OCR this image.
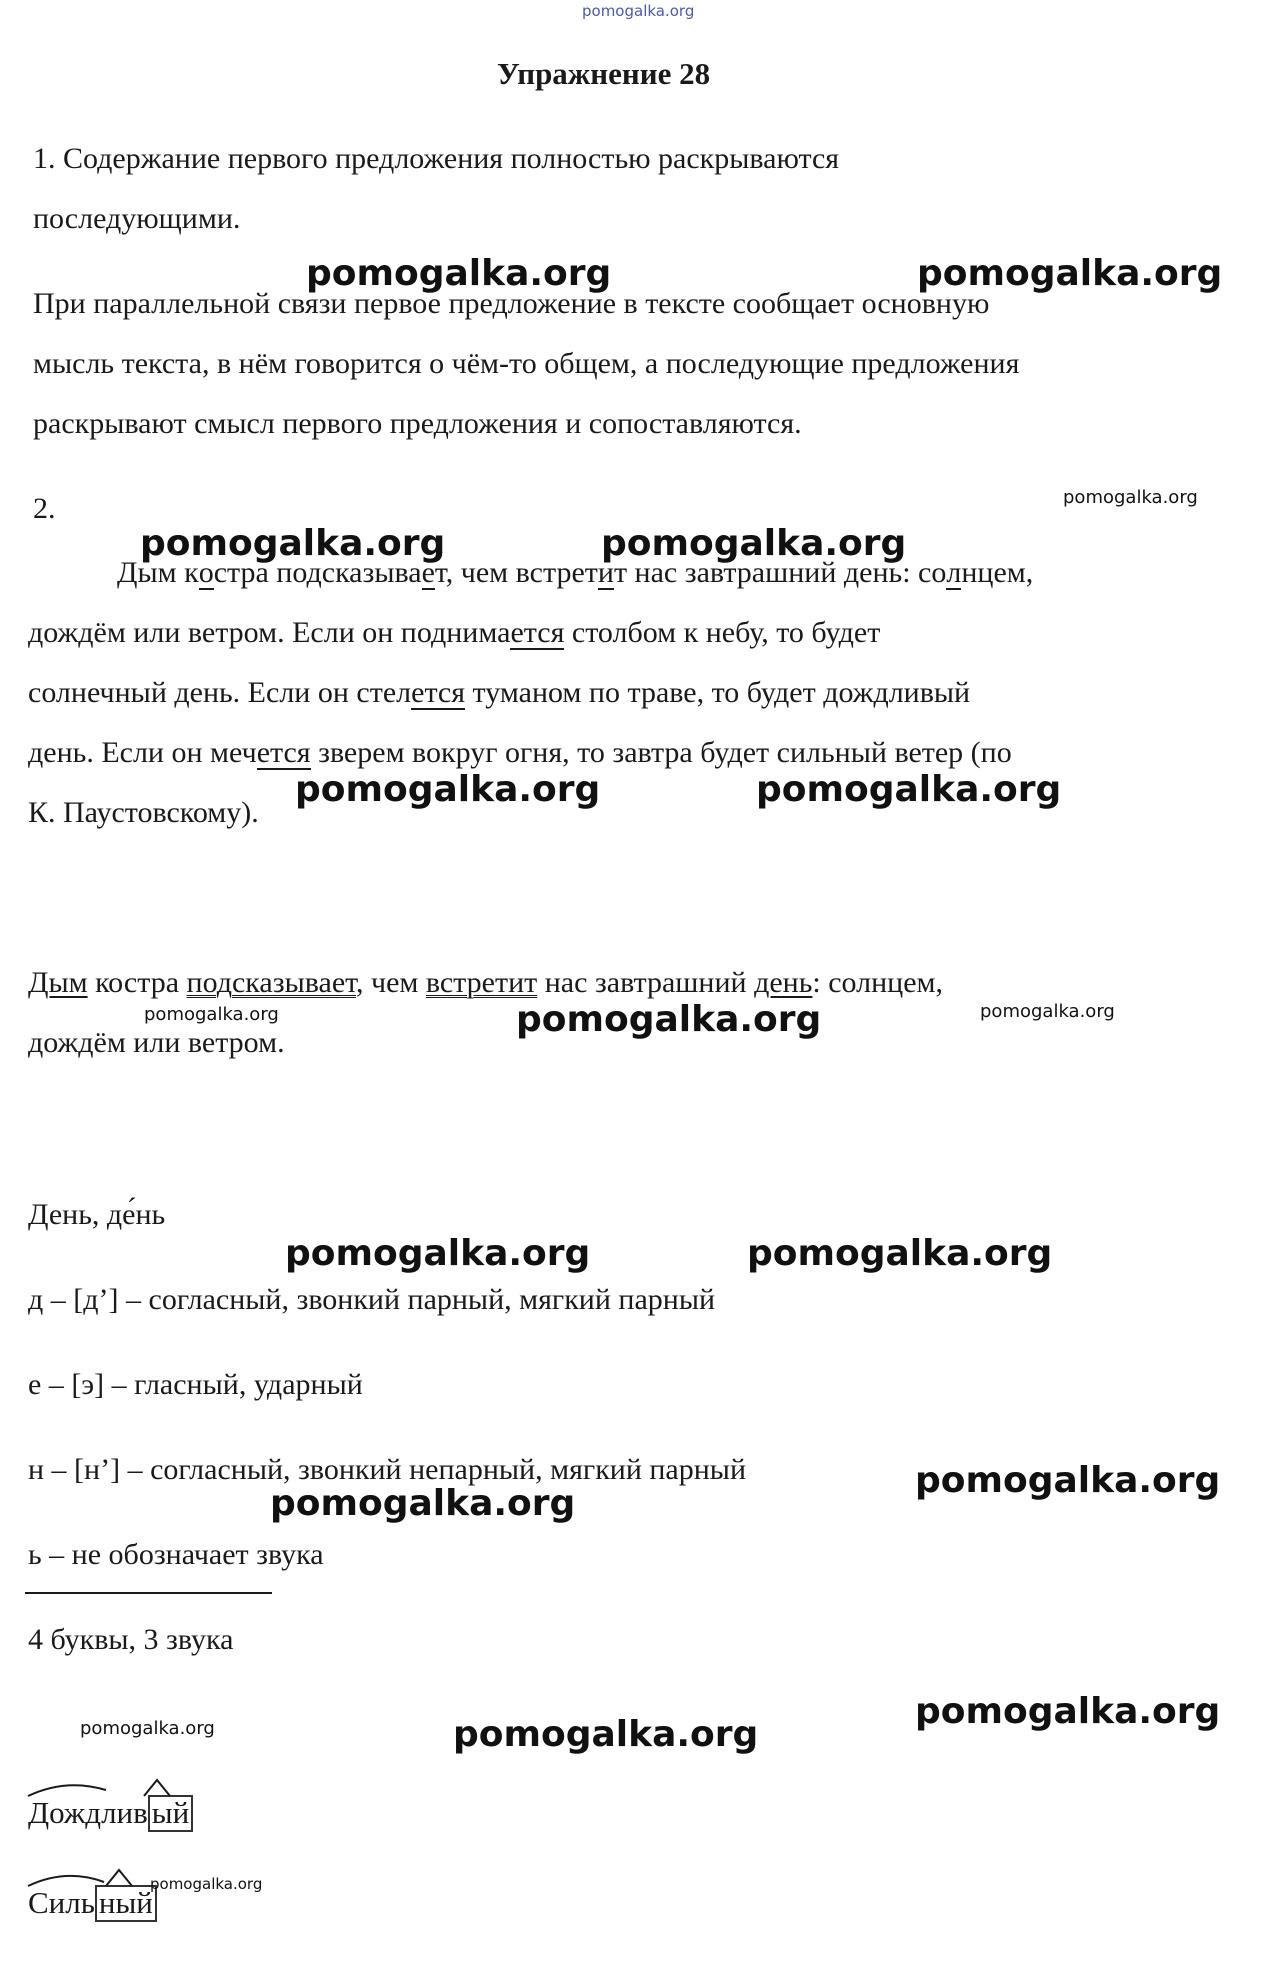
pomogalka.org
Упражнение 28
1. Содержание первого предложения полностью раскрываются
последующими.
pomogalka.org	pomogalka.org
При параллельной связи первое предложение в тексте сообщает основную
мысль текста, в нём говорится о чём-то общем, а последующие предложения
раскрывают смысл первого предложения и сопоставляются.
2.	pomogalka.org
pomogalka.org	pomogalka.org
Дым костра подсказывает, чем встретит нас завтрашний день: солнцем,
дождём или ветром. Если он поднимается столбом к небу, то будет
солнечный день. Если он стелется туманом по траве, то будет дождливый
день. Если он мечется зверем вокруг огня, то завтра будет сильный ветер (по
pomogalka.org	pomogalka.org
К. Паустовскому).
Дым костра подсказывает, чем встретит нас завтрашний день: солнцем,
pomogalka.org	pomogalka.org	pomogalka.org
дождём или ветром.
День, де́нь
pomogalka.org	pomogalka.org
д – [д’] – согласный, звонкий парный, мягкий парный
е – [э] – гласный, ударный
н – [н’] – согласный, звонкий непарный, мягкий парный	pomogalka.org
pomogalka.org
ь – не обозначает звука
4 буквы, 3 звука
pomogalka.org
pomogalka.org	pomogalka.org
Дождлив ый
Силь ный
pomogalka.org
